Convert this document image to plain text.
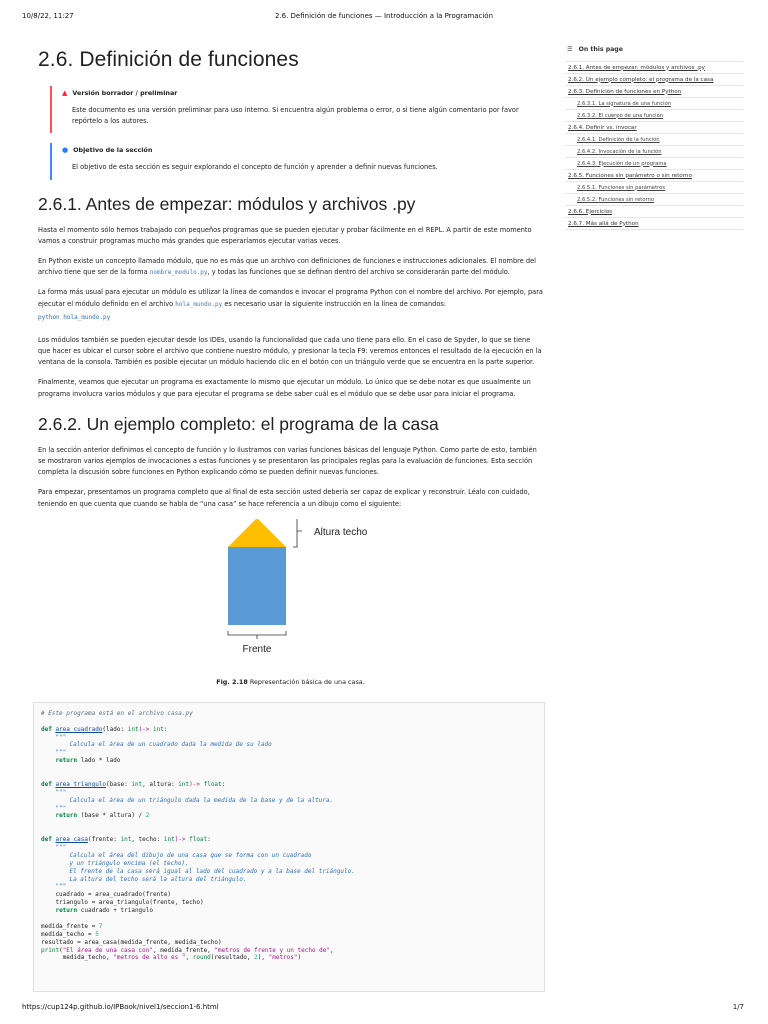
10/8/22, 11:27	2.6. Definición de funciones — Introducción a la Programación
2.6. Definición de funciones
▲ Versión borrador / preliminar

Este documento es una versión preliminar para uso interno. Si encuentra algún problema o error, o si tiene algún comentario por favor repórtelo a los autores.

● Objetivo de la sección

El objetivo de esta sección es seguir explorando el concepto de función y aprender a definir nuevas funciones.

2.6.1. Antes de empezar: módulos y archivos .py

Hasta el momento sólo hemos trabajado con pequeños programas que se pueden ejecutar y probar fácilmente en el REPL. A partir de este momento vamos a construir programas mucho más grandes que esperaríamos ejecutar varias veces.

En Python existe un concepto llamado módulo, que no es más que un archivo con definiciones de funciones e instrucciones adicionales. El nombre del archivo tiene que ser de la forma nombre_modulo.py, y todas las funciones que se definan dentro del archivo se considerarán parte del módulo.

La forma más usual para ejecutar un módulo es utilizar la línea de comandos e invocar el programa Python con el nombre del archivo. Por ejemplo, para ejecutar el módulo definido en el archivo hola_mundo.py es necesario usar la siguiente instrucción en la línea de comandos:

python hola_mundo.py

Los módulos también se pueden ejecutar desde los IDEs, usando la funcionalidad que cada uno tiene para ello. En el caso de Spyder, lo que se tiene que hacer es ubicar el cursor sobre el archivo que contiene nuestro módulo, y presionar la tecla F9: veremos entonces el resultado de la ejecución en la ventana de la consola. También es posible ejecutar un módulo haciendo clic en el botón con un triángulo verde que se encuentra en la parte superior.

Finalmente, veamos que ejecutar un programa es exactamente lo mismo que ejecutar un módulo. Lo único que se debe notar es que usualmente un programa involucra varios módulos y que para ejecutar el programa se debe saber cuál es el módulo que se debe usar para iniciar el programa.

2.6.2. Un ejemplo completo: el programa de la casa

En la sección anterior definimos el concepto de función y lo ilustramos con varias funciones básicas del lenguaje Python. Como parte de esto, también se mostraron varios ejemplos de invocaciones a estas funciones y se presentaron las principales reglas para la evaluación de funciones. Esta sección completa la discusión sobre funciones en Python explicando cómo se pueden definir nuevas funciones.

Para empezar, presentamos un programa completo que al final de esta sección usted debería ser capaz de explicar y reconstruir. Léalo con cuidado, teniendo en que cuenta que cuando se habla de “una casa” se hace referencia a un dibujo como el siguiente:

Altura techo
Frente
Fig. 2.18 Representación básica de una casa.
# Este programa está en el archivo casa.py

def area_cuadrado(lado: int)-> int:
"""
Calcula el área de un cuadrado dada la medida de su lado
"""
return lado * lado

def area_triangulo(base: int, altura: int)-> float:
"""
Calcula el área de un triángulo dada la medida de la base y de la altura.
"""
return (base * altura) / 2

def area_casa(frente: int, techo: int)-> float:
"""
Calcula el área del dibujo de una casa que se forma con un cuadrado
y un triángulo encima (el techo).
El frente de la casa será igual al lado del cuadrado y a la base del triángulo.
La altura del techo será la altura del triángulo.
"""
cuadrado = area_cuadrado(frente)
triangulo = area_triangulo(frente, techo)
return cuadrado + triangulo

medida_frente = 7
medida_techo = 5
resultado = area_casa(medida_frente, medida_techo)
print("El área de una casa con", medida_frente, "metros de frente y un techo de",
medida_techo, "metros de alto es ", round(resultado, 2), "metros")
☰ On this page
2.6.1. Antes de empezar: módulos y archivos .py
2.6.2. Un ejemplo completo: el programa de la casa
2.6.3. Definición de funciones en Python
2.6.3.1. La signatura de una función
2.6.3.2. El cuerpo de una función
2.6.4. Definir vs. invocar
2.6.4.1. Definición de la función
2.6.4.2. Invocación de la función
2.6.4.3. Ejecución de un programa
2.6.5. Funciones sin parámetro o sin retorno
2.6.5.1. Funciones sin parámetros
2.6.5.2. Funciones sin retorno
2.6.6. Ejercicios
2.6.7. Más allá de Python
https://cup124p.github.io/IPBook/nivel1/seccion1-6.html	1/7
